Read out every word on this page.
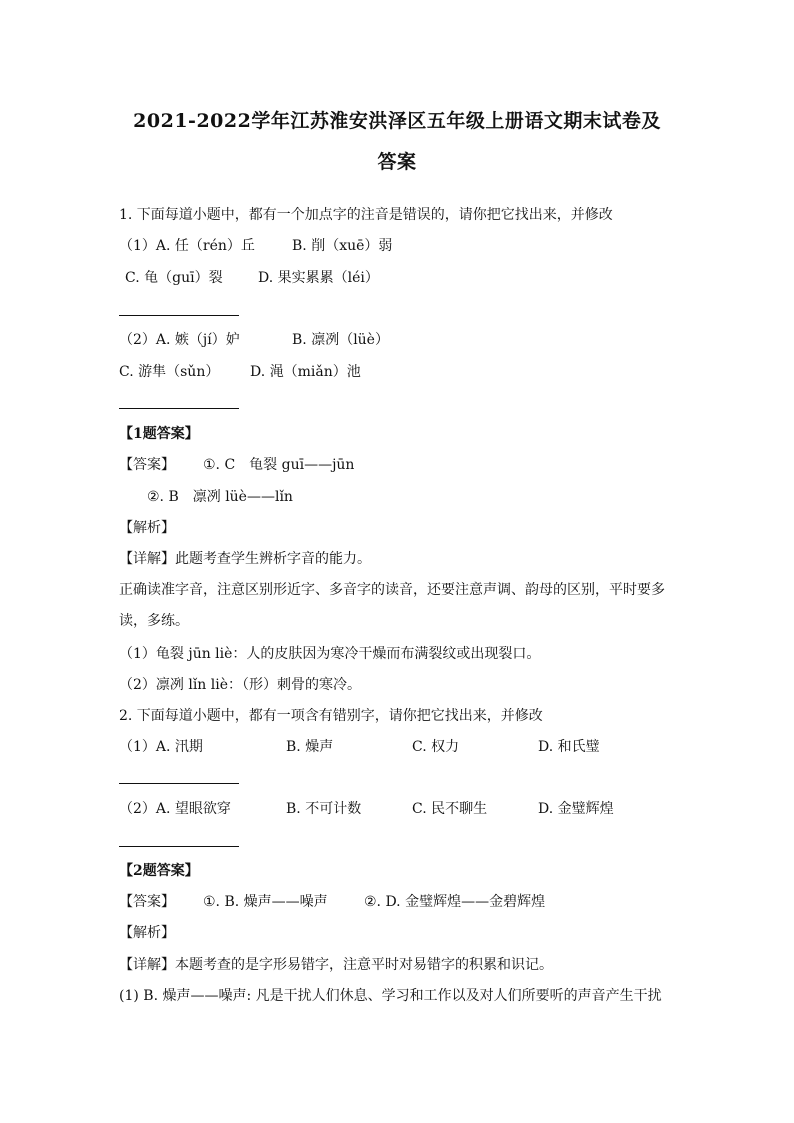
2021-2022学年江苏淮安洪泽区五年级上册语文期末试卷及
答案
1. 下面每道小题中，都有一个加点字的注音是错误的，请你把它找出来，并修改
（1）A. 任（rén）丘	B. 削（xuē）弱
C. 龟（guī）裂	D. 果实累累（léi）
（2）A. 嫉（jí）妒	B. 凛冽（lüè）
C. 游隼（sǔn） D. 渑（miǎn）池
【1题答案】
【答案】 ①. C　龟裂 guī——jūn
②. B　凛冽 lüè——lǐn
【解析】
【详解】此题考查学生辨析字音的能力。
正确读准字音，注意区别形近字、多音字的读音，还要注意声调、韵母的区别，平时要多读，多练。
（1）龟裂 jūn liè：人的皮肤因为寒冷干燥而布满裂纹或出现裂口。
（2）凛冽 lǐn liè：（形）刺骨的寒冷。
2. 下面每道小题中，都有一项含有错别字，请你把它找出来，并修改
（1）A. 汛期	B. 燥声	C. 权力	D. 和氏璧
（2）A. 望眼欲穿	B. 不可计数	C. 民不聊生	D. 金璧辉煌
【2题答案】
【答案】 ①. B. 燥声——噪声	②. D. 金璧辉煌——金碧辉煌
【解析】
【详解】本题考查的是字形易错字，注意平时对易错字的积累和识记。
(1) B. 燥声——噪声: 凡是干扰人们休息、学习和工作以及对人们所要听的声音产生干扰
